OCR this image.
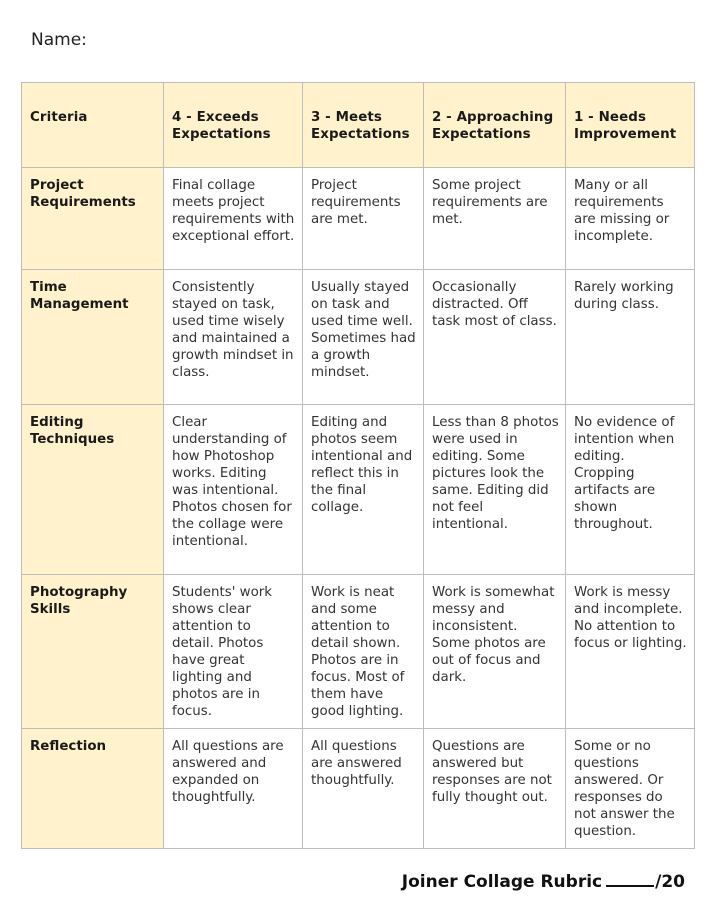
Name:
Criteria	4 - Exceeds Expectations	3 - Meets Expectations	2 - Approaching Expectations	1 - Needs Improvement
Project Requirements	Final collage meets project requirements with exceptional effort.	Project requirements are met.	Some project requirements are met.	Many or all requirements are missing or incomplete.
Time Management	Consistently stayed on task, used time wisely and maintained a growth mindset in class.	Usually stayed on task and used time well. Sometimes had a growth mindset.	Occasionally distracted. Off task most of class.	Rarely working during class.
Editing Techniques	Clear understanding of how Photoshop works. Editing was intentional. Photos chosen for the collage were intentional.	Editing and photos seem intentional and reflect this in the final collage.	Less than 8 photos were used in editing. Some pictures look the same. Editing did not feel intentional.	No evidence of intention when editing. Cropping artifacts are shown throughout.
Photography Skills	Students' work shows clear attention to detail. Photos have great lighting and photos are in focus.	Work is neat and some attention to detail shown. Photos are in focus. Most of them have good lighting.	Work is somewhat messy and inconsistent. Some photos are out of focus and dark.	Work is messy and incomplete. No attention to focus or lighting.
Reflection	All questions are answered and expanded on thoughtfully.	All questions are answered thoughtfully.	Questions are answered but responses are not fully thought out.	Some or no questions answered. Or responses do not answer the question.
Joiner Collage Rubric	/20
